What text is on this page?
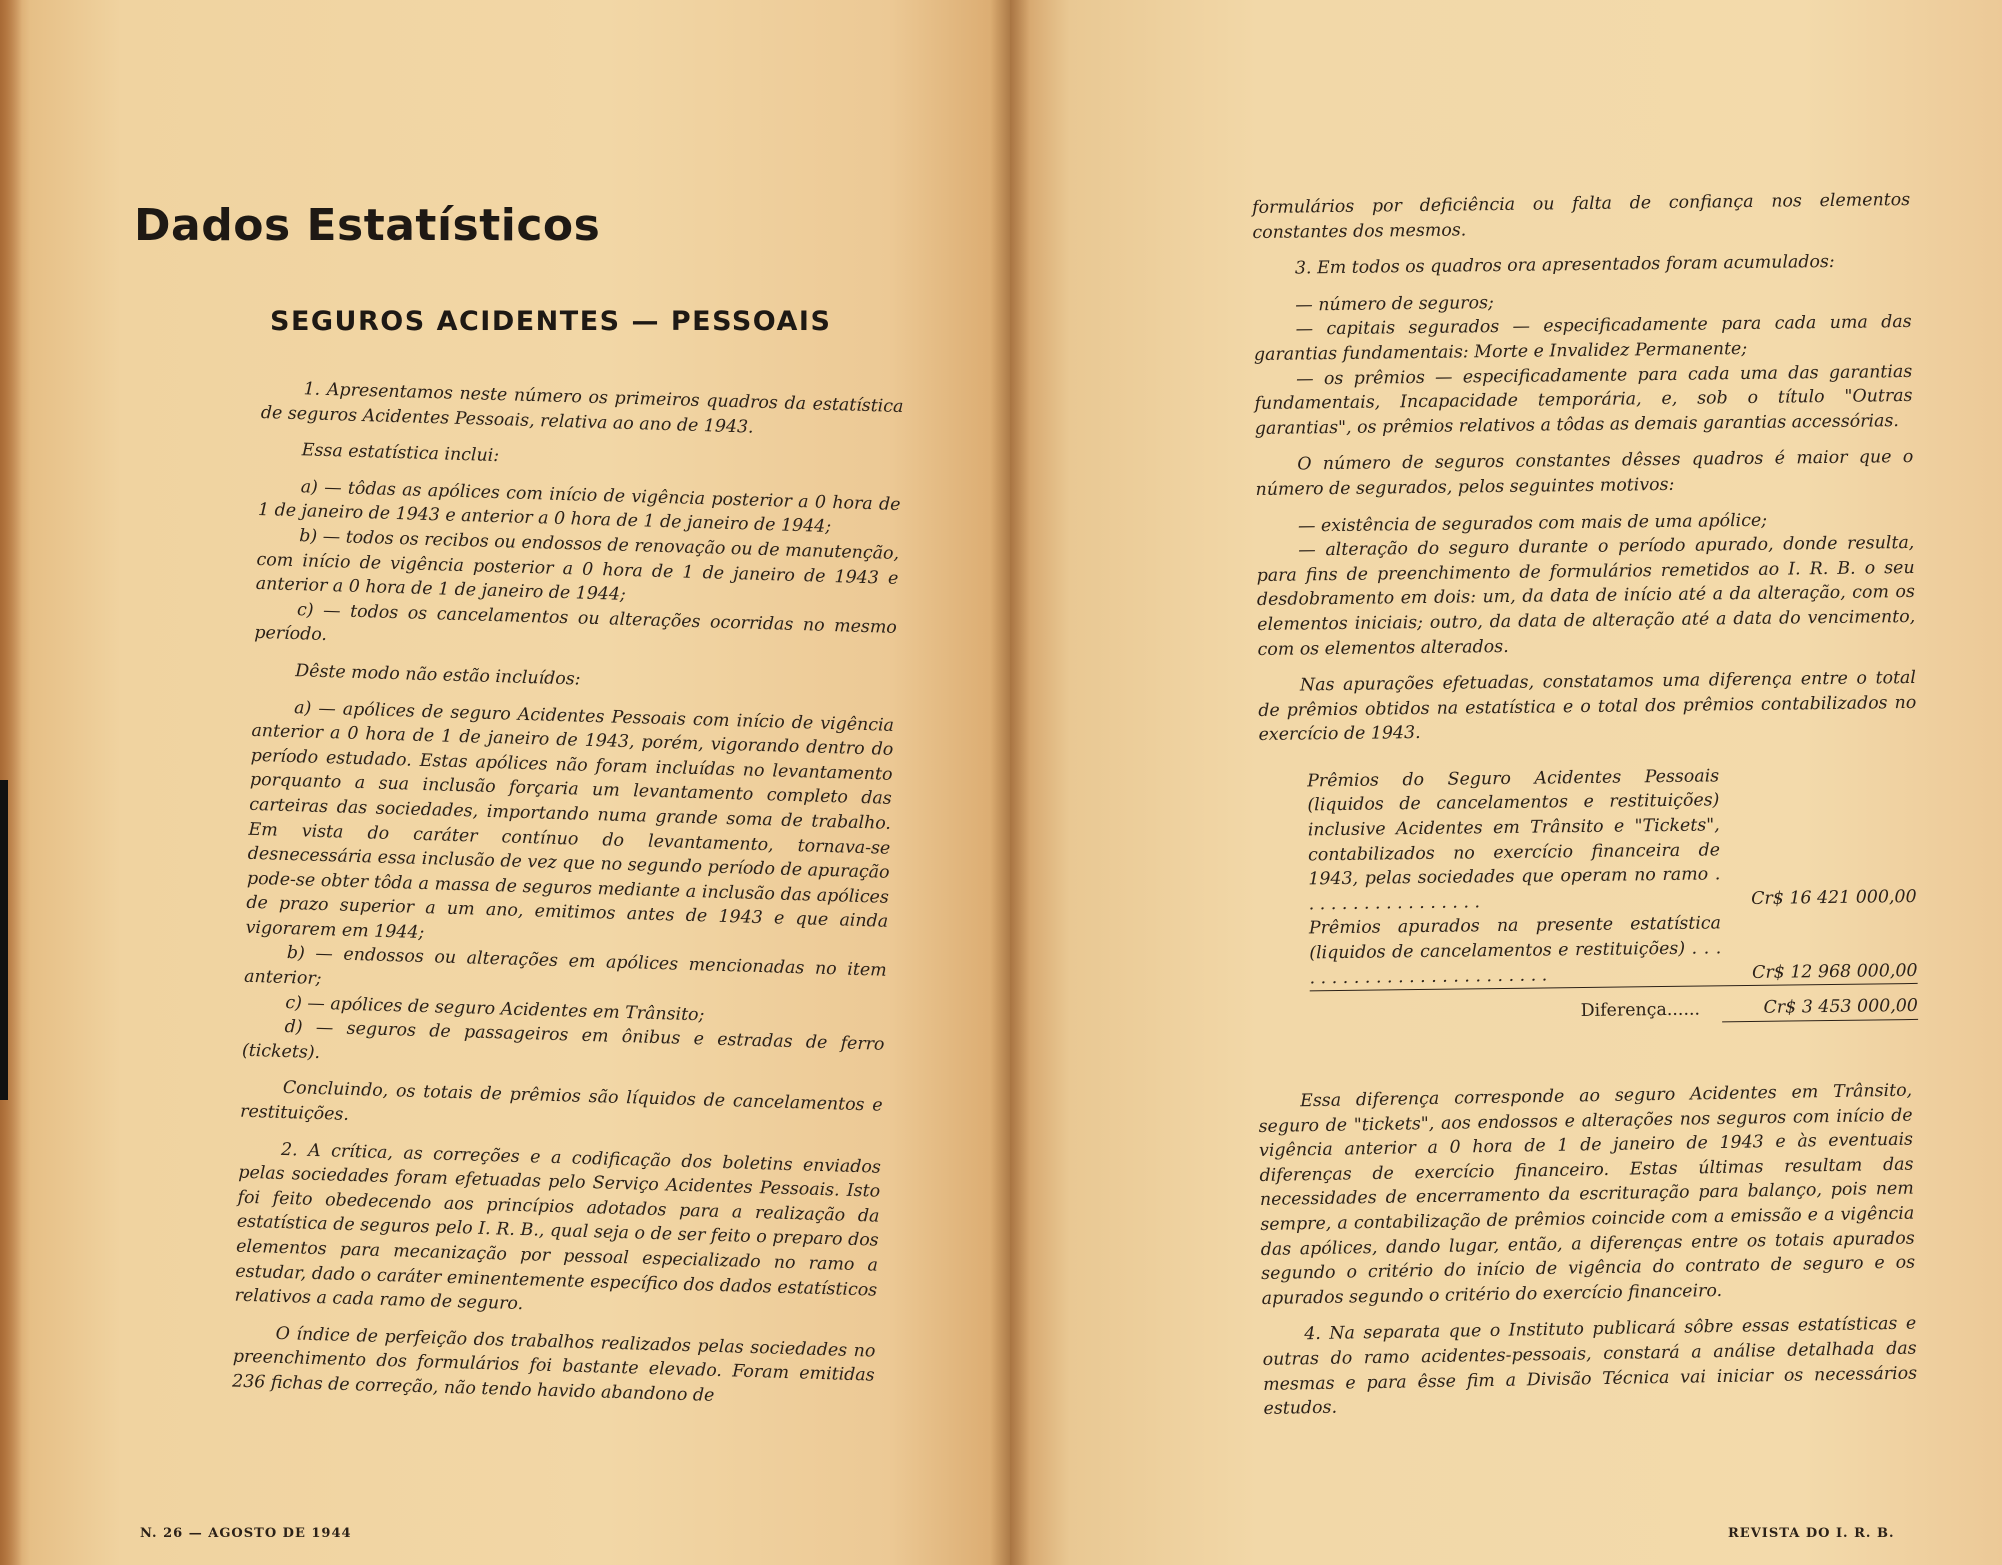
Dados Estatísticos
SEGUROS ACIDENTES — PESSOAIS

1. Apresentamos neste número os primeiros quadros da estatística de seguros Acidentes Pessoais, relativa ao ano de 1943.

Essa estatística inclui:

a) — tôdas as apólices com início de vigência posterior a 0 hora de 1 de janeiro de 1943 e anterior a 0 hora de 1 de janeiro de 1944;

b) — todos os recibos ou endossos de renovação ou de manutenção, com início de vigência posterior a 0 hora de 1 de janeiro de 1943 e anterior a 0 hora de 1 de janeiro de 1944;

c) — todos os cancelamentos ou alterações ocorridas no mesmo período.

Dêste modo não estão incluídos:

a) — apólices de seguro Acidentes Pessoais com início de vigência anterior a 0 hora de 1 de janeiro de 1943, porém, vigorando dentro do período estudado. Estas apólices não foram incluídas no levantamento porquanto a sua inclusão forçaria um levantamento completo das carteiras das sociedades, importando numa grande soma de trabalho. Em vista do caráter contínuo do levantamento, tornava-se desnecessária essa inclusão de vez que no segundo período de apuração pode-se obter tôda a massa de seguros mediante a inclusão das apólices de prazo superior a um ano, emitimos antes de 1943 e que ainda vigorarem em 1944;

b) — endossos ou alterações em apólices mencionadas no item anterior;

c) — apólices de seguro Acidentes em Trânsito;

d) — seguros de passageiros em ônibus e estradas de ferro (tickets).

Concluindo, os totais de prêmios são líquidos de cancelamentos e restituições.

2. A crítica, as correções e a codificação dos boletins enviados pelas sociedades foram efetuadas pelo Serviço Acidentes Pessoais. Isto foi feito obedecendo aos princípios adotados para a realização da estatística de seguros pelo I. R. B., qual seja o de ser feito o preparo dos elementos para mecanização por pessoal especializado no ramo a estudar, dado o caráter eminentemente específico dos dados estatísticos relativos a cada ramo de seguro.

O índice de perfeição dos trabalhos realizados pelas sociedades no preenchimento dos formulários foi bastante elevado. Foram emitidas 236 fichas de correção, não tendo havido abandono de

formulários por deficiência ou falta de confiança nos elementos constantes dos mesmos.

3. Em todos os quadros ora apresentados foram acumulados:

— número de seguros;

— capitais segurados — especificadamente para cada uma das garantias fundamentais: Morte e Invalidez Permanente;

— os prêmios — especificadamente para cada uma das garantias fundamentais, Incapacidade temporária, e, sob o título "Outras garantias", os prêmios relativos a tôdas as demais garantias accessórias.

O número de seguros constantes dêsses quadros é maior que o número de segurados, pelos seguintes motivos:

— existência de segurados com mais de uma apólice;

— alteração do seguro durante o período apurado, donde resulta, para fins de preenchimento de formulários remetidos ao I. R. B. o seu desdobramento em dois: um, da data de início até a da alteração, com os elementos iniciais; outro, da data de alteração até a data do vencimento, com os elementos alterados.

Nas apurações efetuadas, constatamos uma diferença entre o total de prêmios obtidos na estatística e o total dos prêmios contabilizados no exercício de 1943.

Prêmios do Seguro Acidentes Pessoais (liquidos de cancelamentos e restituições) inclusive Acidentes em Trânsito e "Tickets", contabilizados no exercício financeira de 1943, pelas sociedades que operam no ramo . . . . . . . . . . . . . . . . .	Cr$ 16 421 000,00
Prêmios apurados na presente estatística (liquidos de cancelamentos e restituições) . . . . . . . . . . . . . . . . . . . . . . . . .	Cr$ 12 968 000,00
Diferença......	Cr$ 3 453 000,00

Essa diferença corresponde ao seguro Acidentes em Trânsito, seguro de "tickets", aos endossos e alterações nos seguros com início de vigência anterior a 0 hora de 1 de janeiro de 1943 e às eventuais diferenças de exercício financeiro. Estas últimas resultam das necessidades de encerramento da escrituração para balanço, pois nem sempre, a contabilização de prêmios coincide com a emissão e a vigência das apólices, dando lugar, então, a diferenças entre os totais apurados segundo o critério do início de vigência do contrato de seguro e os apurados segundo o critério do exercício financeiro.

4. Na separata que o Instituto publicará sôbre essas estatísticas e outras do ramo acidentes-pessoais, constará a análise detalhada das mesmas e para êsse fim a Divisão Técnica vai iniciar os necessários estudos.

N. 26 — AGOSTO DE 1944	REVISTA DO I. R. B.
